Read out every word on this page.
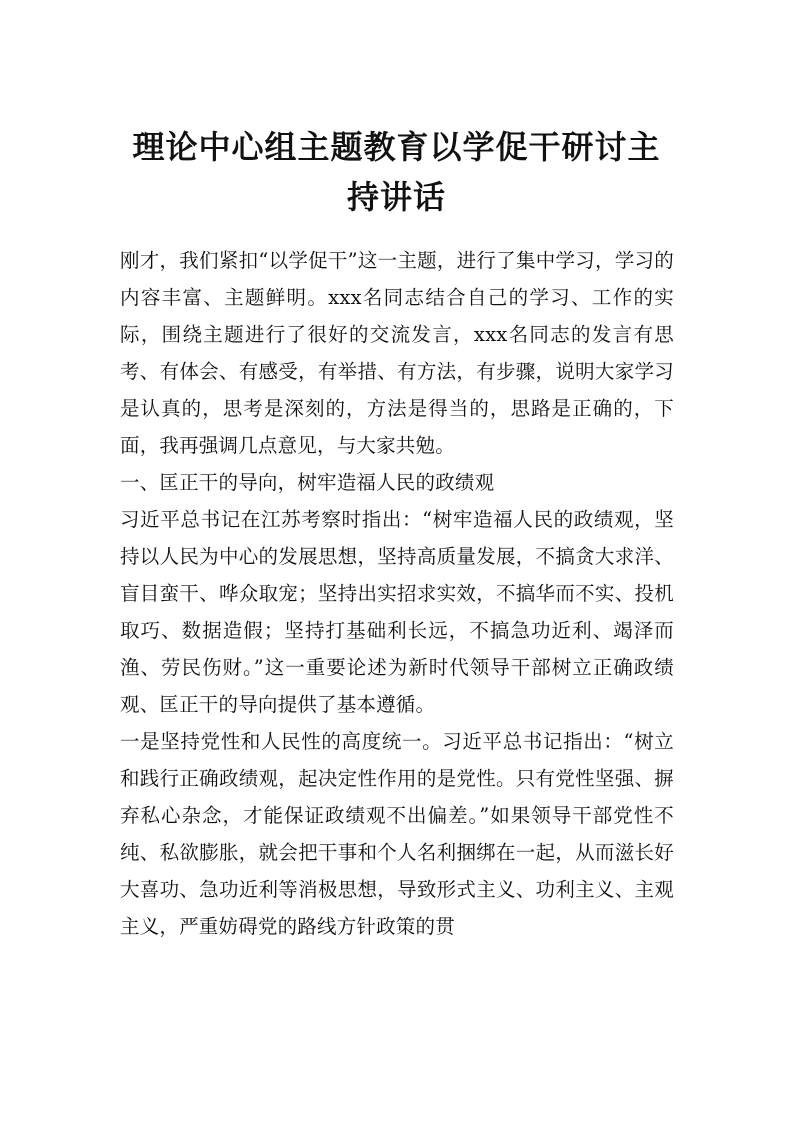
理论中心组主题教育以学促干研讨主持讲话

刚才，我们紧扣“以学促干”这一主题，进行了集中学习，学习的内容丰富、主题鲜明。xxx名同志结合自己的学习、工作的实际，围绕主题进行了很好的交流发言，xxx名同志的发言有思考、有体会、有感受，有举措、有方法，有步骤，说明大家学习是认真的，思考是深刻的，方法是得当的，思路是正确的，下面，我再强调几点意见，与大家共勉。

一、匡正干的导向，树牢造福人民的政绩观

习近平总书记在江苏考察时指出：“树牢造福人民的政绩观，坚持以人民为中心的发展思想，坚持高质量发展，不搞贪大求洋、盲目蛮干、哗众取宠；坚持出实招求实效，不搞华而不实、投机取巧、数据造假；坚持打基础利长远，不搞急功近利、竭泽而渔、劳民伤财。”这一重要论述为新时代领导干部树立正确政绩观、匡正干的导向提供了基本遵循。

一是坚持党性和人民性的高度统一。习近平总书记指出：“树立和践行正确政绩观，起决定性作用的是党性。只有党性坚强、摒弃私心杂念，才能保证政绩观不出偏差。”如果领导干部党性不纯、私欲膨胀，就会把干事和个人名利捆绑在一起，从而滋长好大喜功、急功近利等消极思想，导致形式主义、功利主义、主观主义，严重妨碍党的路线方针政策的贯
